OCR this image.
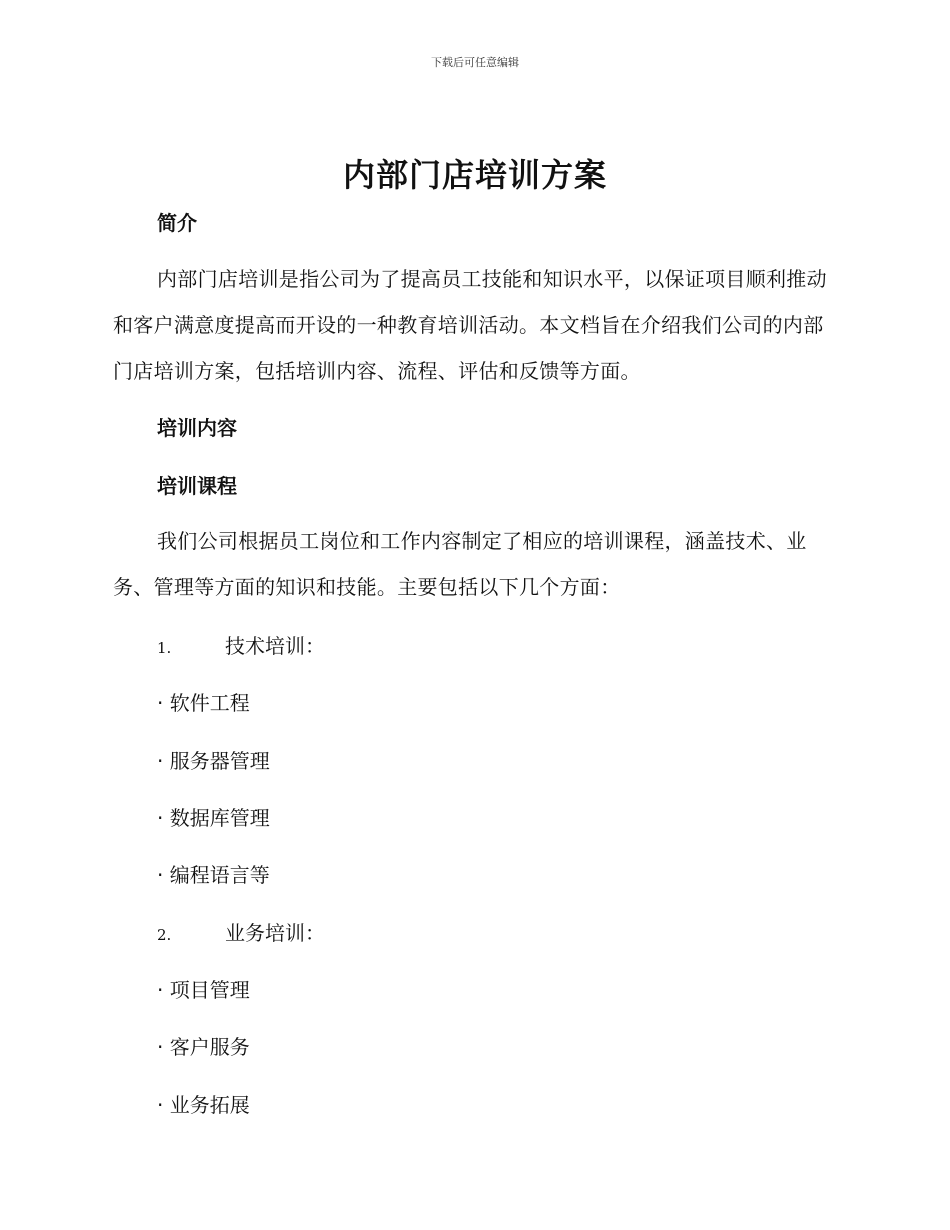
下载后可任意编辑
内部门店培训方案
简介

内部门店培训是指公司为了提高员工技能和知识水平，以保证项目顺利推动和客户满意度提高而开设的一种教育培训活动。本文档旨在介绍我们公司的内部门店培训方案，包括培训内容、流程、评估和反馈等方面。

培训内容
培训课程

我们公司根据员工岗位和工作内容制定了相应的培训课程，涵盖技术、业务、管理等方面的知识和技能。主要包括以下几个方面：

1.	技术培训：
· 软件工程
· 服务器管理
· 数据库管理
· 编程语言等
2.	业务培训：
· 项目管理
· 客户服务
· 业务拓展
